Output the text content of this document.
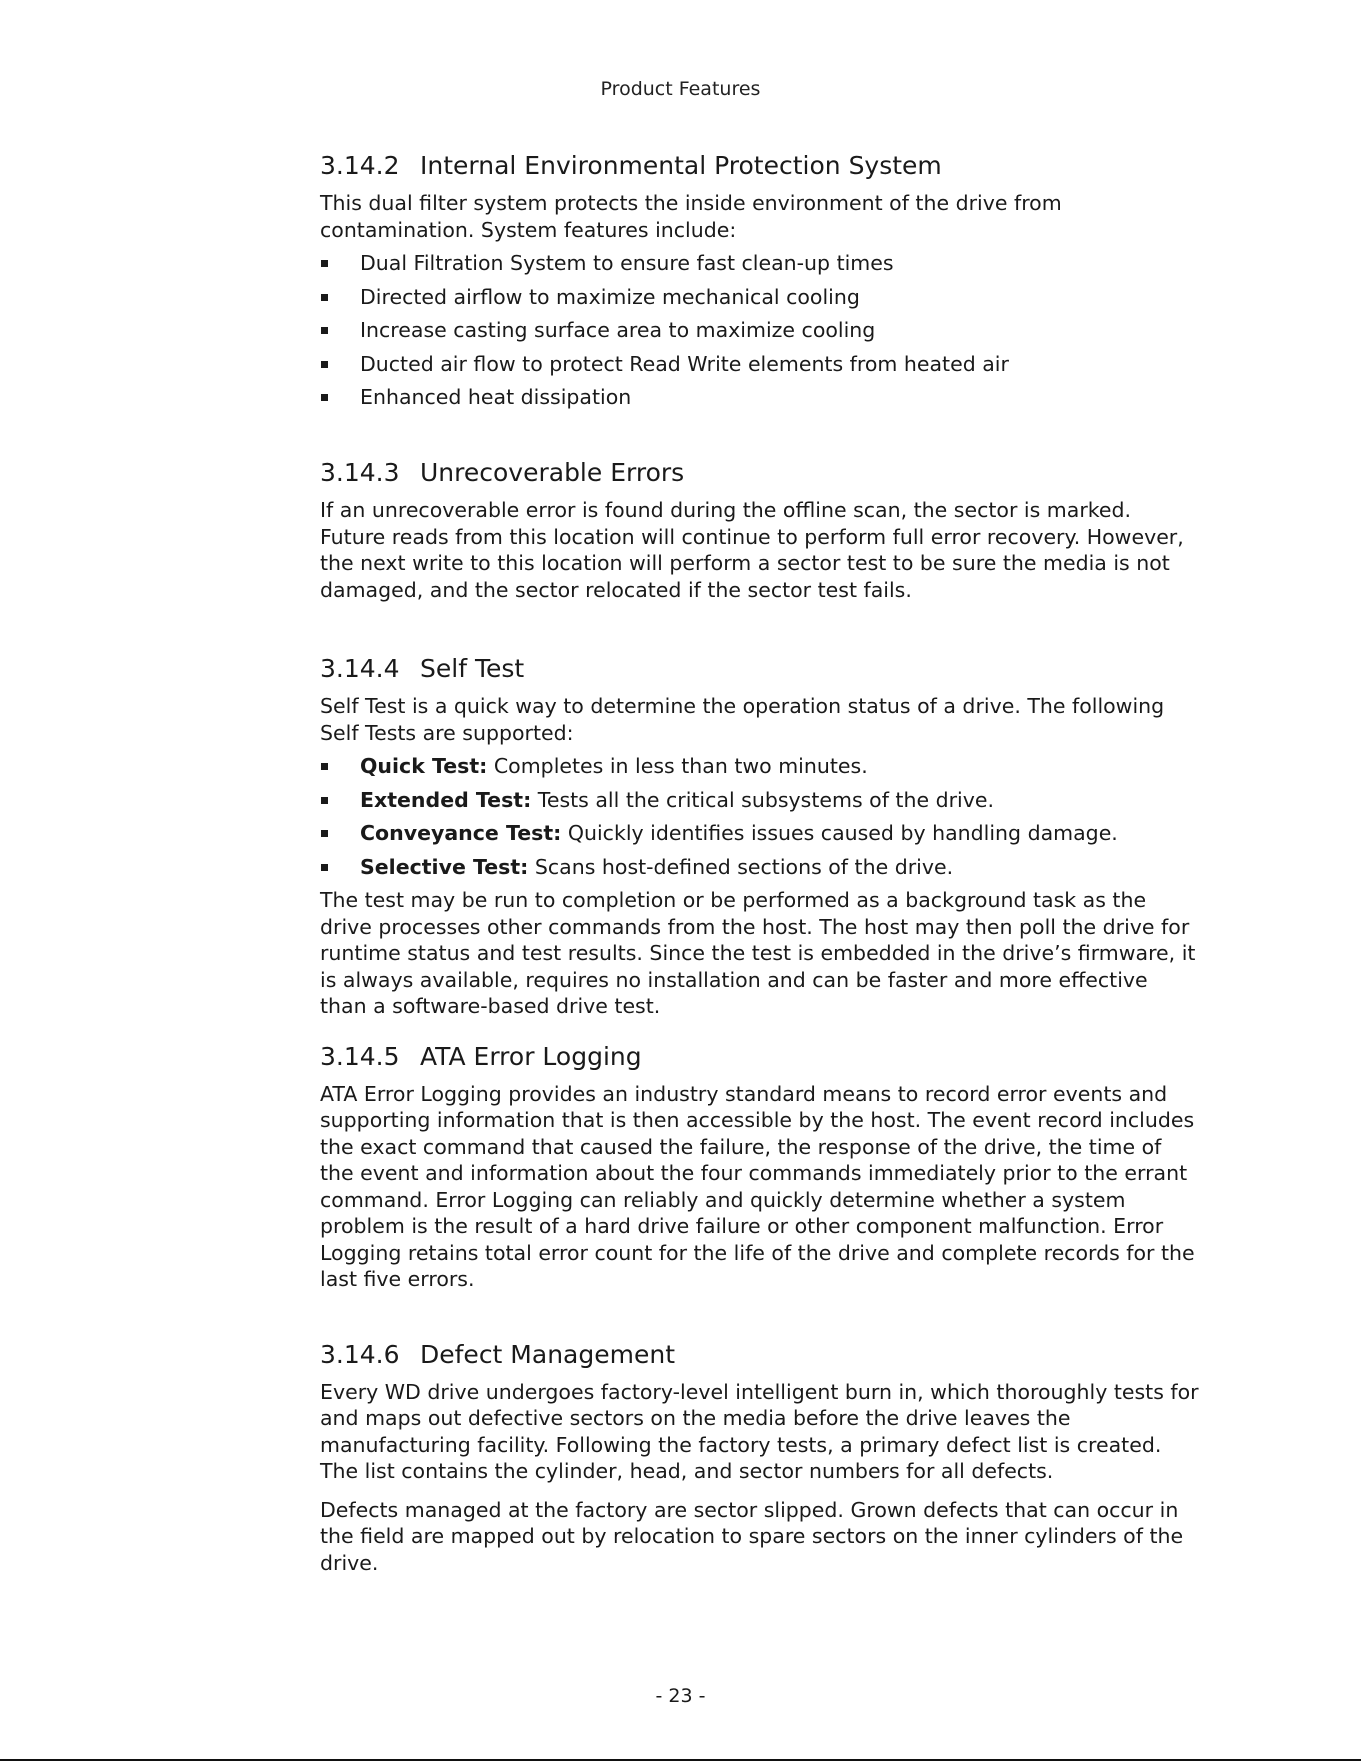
Product Features
3.14.2 Internal Environmental Protection System

This dual filter system protects the inside environment of the drive from contamination. System features include:

Dual Filtration System to ensure fast clean-up times
Directed airflow to maximize mechanical cooling
Increase casting surface area to maximize cooling
Ducted air flow to protect Read Write elements from heated air
Enhanced heat dissipation
3.14.3 Unrecoverable Errors

If an unrecoverable error is found during the offline scan, the sector is marked. Future reads from this location will continue to perform full error recovery. However, the next write to this location will perform a sector test to be sure the media is not damaged, and the sector relocated if the sector test fails.

3.14.4 Self Test

Self Test is a quick way to determine the operation status of a drive. The following Self Tests are supported:

Quick Test: Completes in less than two minutes.
Extended Test: Tests all the critical subsystems of the drive.
Conveyance Test: Quickly identifies issues caused by handling damage.
Selective Test: Scans host-defined sections of the drive.

The test may be run to completion or be performed as a background task as the drive processes other commands from the host. The host may then poll the drive for runtime status and test results. Since the test is embedded in the drive’s firmware, it is always available, requires no installation and can be faster and more effective than a software-based drive test.

3.14.5 ATA Error Logging

ATA Error Logging provides an industry standard means to record error events and supporting information that is then accessible by the host. The event record includes the exact command that caused the failure, the response of the drive, the time of the event and information about the four commands immediately prior to the errant command. Error Logging can reliably and quickly determine whether a system problem is the result of a hard drive failure or other component malfunction. Error Logging retains total error count for the life of the drive and complete records for the last five errors.

3.14.6 Defect Management

Every WD drive undergoes factory-level intelligent burn in, which thoroughly tests for and maps out defective sectors on the media before the drive leaves the manufacturing facility. Following the factory tests, a primary defect list is created. The list contains the cylinder, head, and sector numbers for all defects.

Defects managed at the factory are sector slipped. Grown defects that can occur in the field are mapped out by relocation to spare sectors on the inner cylinders of the drive.

- 23 -
